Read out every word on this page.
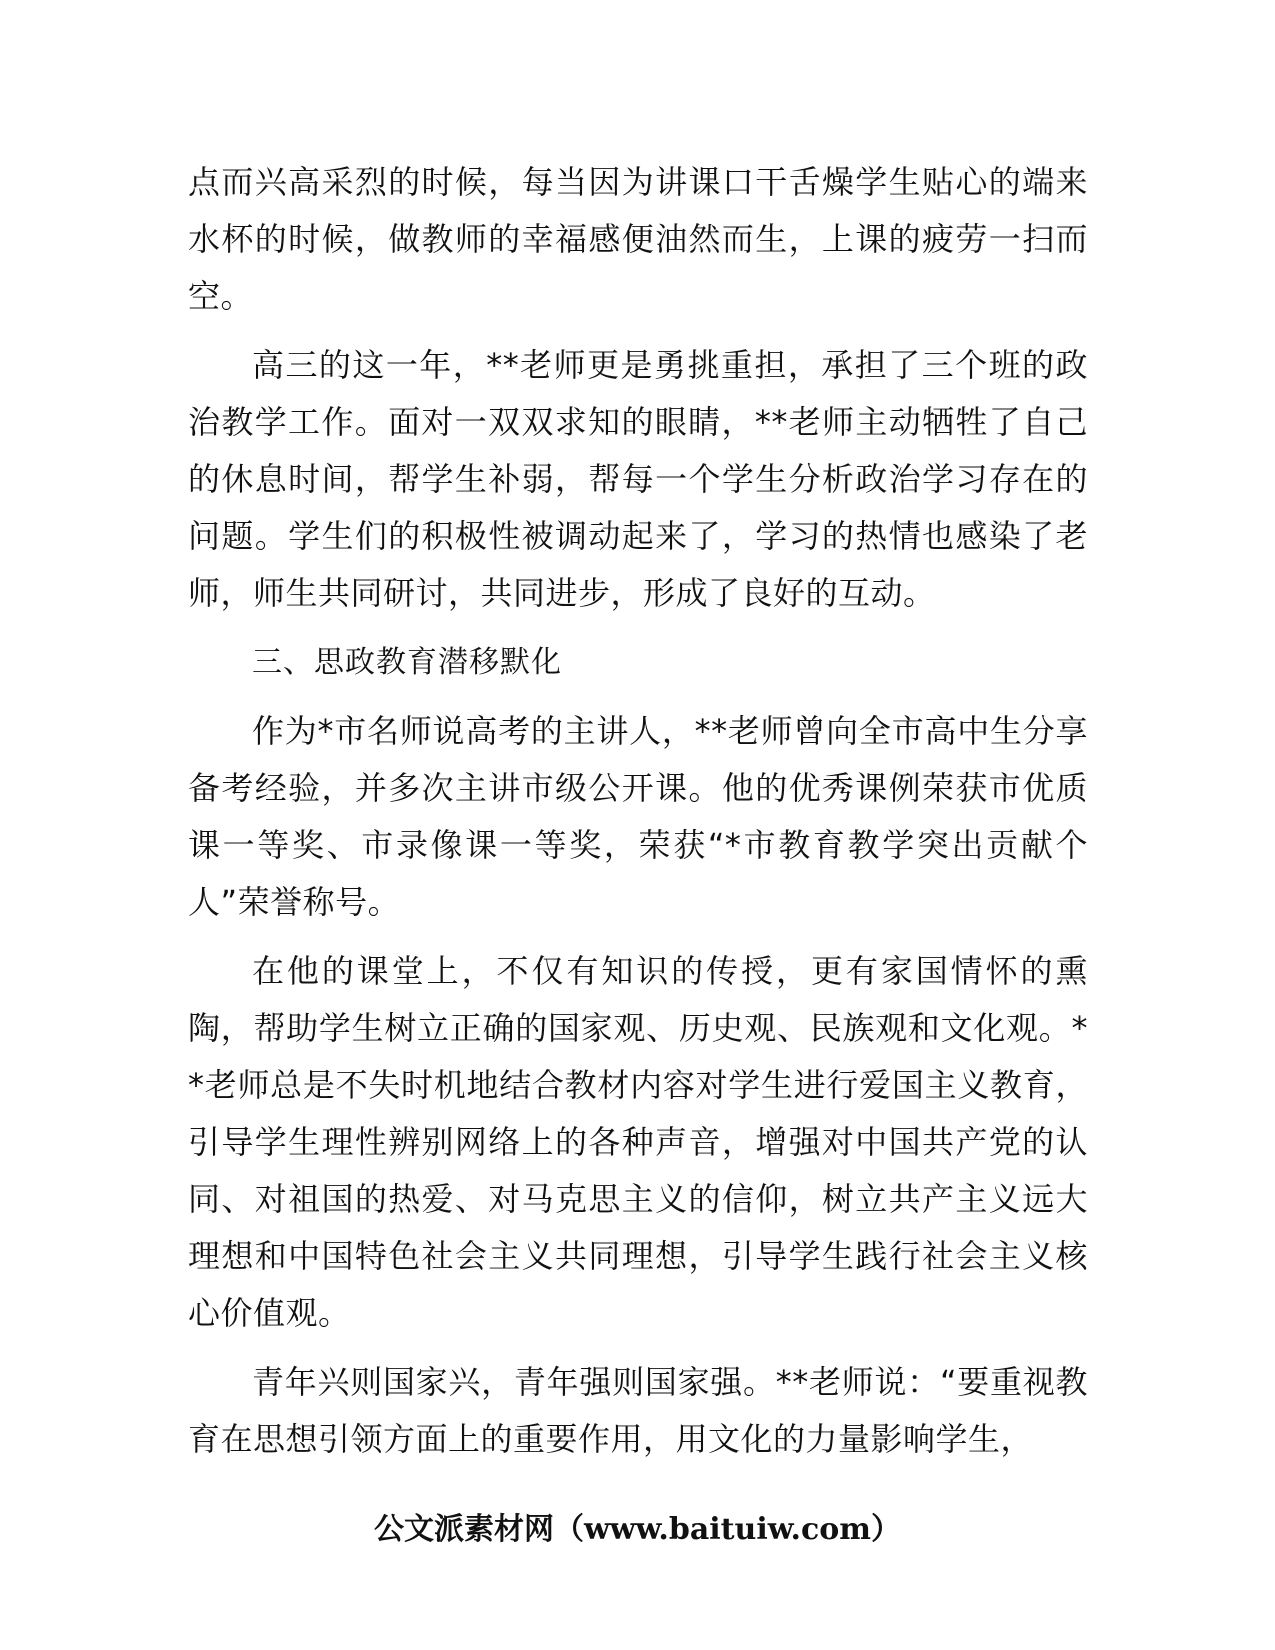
点而兴高采烈的时候，每当因为讲课口干舌燥学生贴心的端来水杯的时候，做教师的幸福感便油然而生，上课的疲劳一扫而空。

高三的这一年，**老师更是勇挑重担，承担了三个班的政治教学工作。面对一双双求知的眼睛，**老师主动牺牲了自己的休息时间，帮学生补弱，帮每一个学生分析政治学习存在的问题。学生们的积极性被调动起来了，学习的热情也感染了老师，师生共同研讨，共同进步，形成了良好的互动。

三、思政教育潜移默化

作为*市名师说高考的主讲人，**老师曾向全市高中生分享备考经验，并多次主讲市级公开课。他的优秀课例荣获市优质课一等奖、市录像课一等奖，荣获“*市教育教学突出贡献个人”荣誉称号。

在他的课堂上，不仅有知识的传授，更有家国情怀的熏陶，帮助学生树立正确的国家观、历史观、民族观和文化观。**老师总是不失时机地结合教材内容对学生进行爱国主义教育，引导学生理性辨别网络上的各种声音，增强对中国共产党的认同、对祖国的热爱、对马克思主义的信仰，树立共产主义远大理想和中国特色社会主义共同理想，引导学生践行社会主义核心价值观。

青年兴则国家兴，青年强则国家强。**老师说：“要重视教育在思想引领方面上的重要作用，用文化的力量影响学生，

公文派素材网（www.baituiw.com）
